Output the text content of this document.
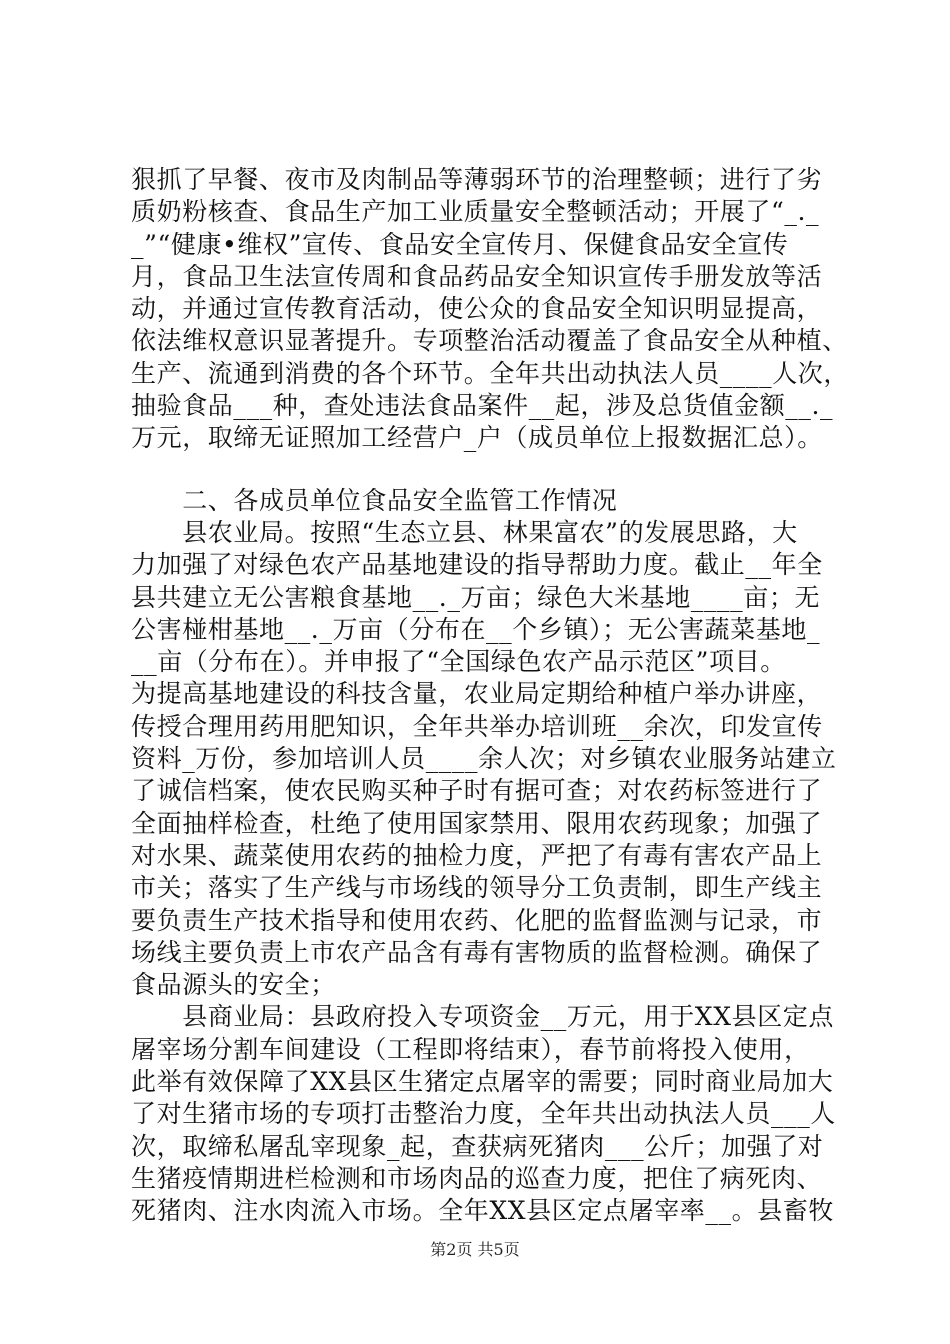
狠抓了早餐、夜市及肉制品等薄弱环节的治理整顿；进行了劣
质奶粉核查、食品生产加工业质量安全整顿活动；开展了“_._
_”“健康•维权”宣传、食品安全宣传月、保健食品安全宣传
月，食品卫生法宣传周和食品药品安全知识宣传手册发放等活
动，并通过宣传教育活动，使公众的食品安全知识明显提高，
依法维权意识显著提升。专项整治活动覆盖了食品安全从种植、
生产、流通到消费的各个环节。全年共出动执法人员____人次，
抽验食品___种，查处违法食品案件__起，涉及总货值金额__._
万元，取缔无证照加工经营户_户（成员单位上报数据汇总）。
　　二、各成员单位食品安全监管工作情况
　　县农业局。按照“生态立县、林果富农”的发展思路，大
力加强了对绿色农产品基地建设的指导帮助力度。截止__年全
县共建立无公害粮食基地__._万亩；绿色大米基地____亩；无
公害椪柑基地__._万亩（分布在__个乡镇）；无公害蔬菜基地_
__亩（分布在）。并申报了“全国绿色农产品示范区”项目。
为提高基地建设的科技含量，农业局定期给种植户举办讲座，
传授合理用药用肥知识，全年共举办培训班__余次，印发宣传
资料_万份，参加培训人员____余人次；对乡镇农业服务站建立
了诚信档案，使农民购买种子时有据可查；对农药标签进行了
全面抽样检查，杜绝了使用国家禁用、限用农药现象；加强了
对水果、蔬菜使用农药的抽检力度，严把了有毒有害农产品上
市关；落实了生产线与市场线的领导分工负责制，即生产线主
要负责生产技术指导和使用农药、化肥的监督监测与记录，市
场线主要负责上市农产品含有毒有害物质的监督检测。确保了
食品源头的安全；
　　县商业局：县政府投入专项资金__万元，用于XX县区定点
屠宰场分割车间建设（工程即将结束），春节前将投入使用，
此举有效保障了XX县区生猪定点屠宰的需要；同时商业局加大
了对生猪市场的专项打击整治力度，全年共出动执法人员___人
次，取缔私屠乱宰现象_起，查获病死猪肉___公斤；加强了对
生猪疫情期进栏检测和市场肉品的巡查力度，把住了病死肉、
死猪肉、注水肉流入市场。全年XX县区定点屠宰率__。县畜牧
第2页 共5页
